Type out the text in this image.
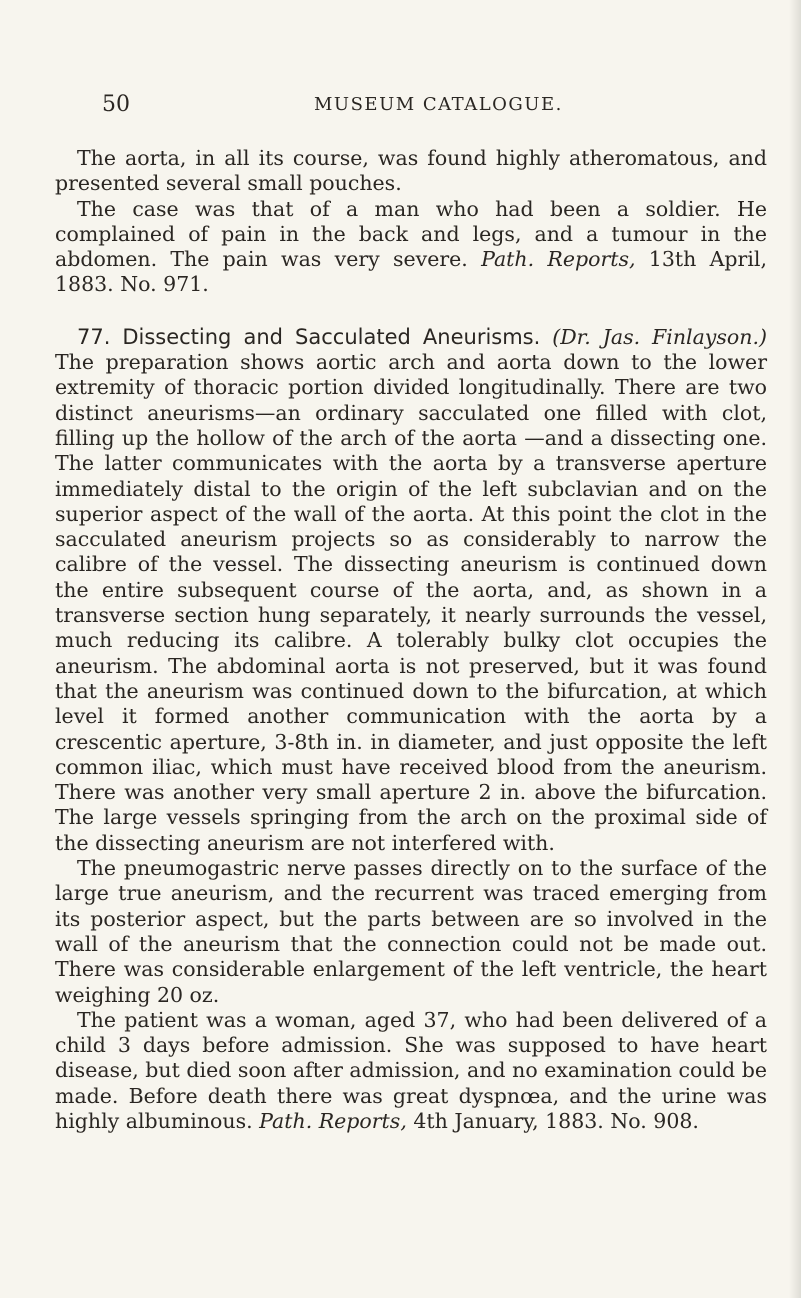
50	MUSEUM CATALOGUE.

The aorta, in all its course, was found highly atheromatous, and presented several small pouches.

The case was that of a man who had been a soldier. He complained of pain in the back and legs, and a tumour in the abdomen. The pain was very severe. Path. Reports, 13th April, 1883. No. 971.

77. Dissecting and Sacculated Aneurisms. (Dr. Jas. Finlayson.) The preparation shows aortic arch and aorta down to the lower extremity of thoracic portion divided longitudinally. There are two distinct aneurisms—an ordinary sacculated one filled with clot, filling up the hollow of the arch of the aorta —and a dissecting one. The latter communicates with the aorta by a transverse aperture immediately distal to the origin of the left subclavian and on the superior aspect of the wall of the aorta. At this point the clot in the sacculated aneurism projects so as considerably to narrow the calibre of the vessel. The dissecting aneurism is continued down the entire subsequent course of the aorta, and, as shown in a transverse section hung separately, it nearly surrounds the vessel, much reducing its calibre. A tolerably bulky clot occupies the aneurism. The abdominal aorta is not preserved, but it was found that the aneurism was continued down to the bifurcation, at which level it formed another communication with the aorta by a crescentic aperture, 3-8th in. in diameter, and just opposite the left common iliac, which must have received blood from the aneurism. There was another very small aperture 2 in. above the bifurcation. The large vessels springing from the arch on the proximal side of the dissecting aneurism are not interfered with.

The pneumogastric nerve passes directly on to the surface of the large true aneurism, and the recurrent was traced emerging from its posterior aspect, but the parts between are so involved in the wall of the aneurism that the connection could not be made out. There was considerable enlargement of the left ventricle, the heart weighing 20 oz.

The patient was a woman, aged 37, who had been delivered of a child 3 days before admission. She was supposed to have heart disease, but died soon after admission, and no examination could be made. Before death there was great dyspnœa, and the urine was highly albuminous. Path. Reports, 4th January, 1883. No. 908.
